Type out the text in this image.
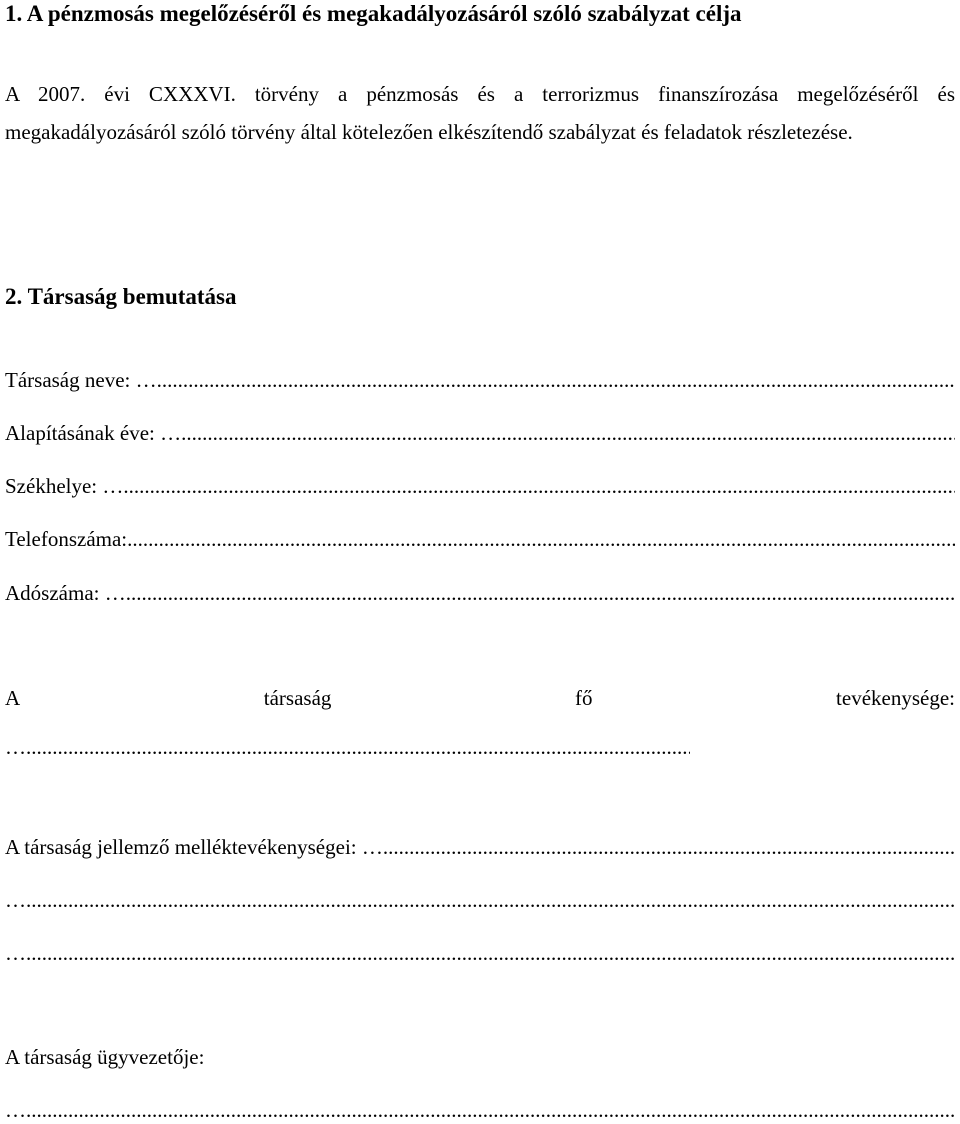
1. A pénzmosás megelőzéséről és megakadályozásáról szóló szabályzat célja
A 2007. évi CXXXVI. törvény a pénzmosás és a terrorizmus finanszírozása megelőzéséről és megakadályozásáról szóló törvény által kötelezően elkészítendő szabályzat és feladatok részletezése.
2. Társaság bemutatása
Társaság neve: … .....
Alapításának éve: … .....
Székhelye: … .....
Telefonszáma: .....
Adószáma: … .....
A	társaság	fő	tevékenysége:
… .....
A társaság jellemző melléktevékenységei: … .....
… .....
… .....
A társaság ügyvezetője:
… .....
